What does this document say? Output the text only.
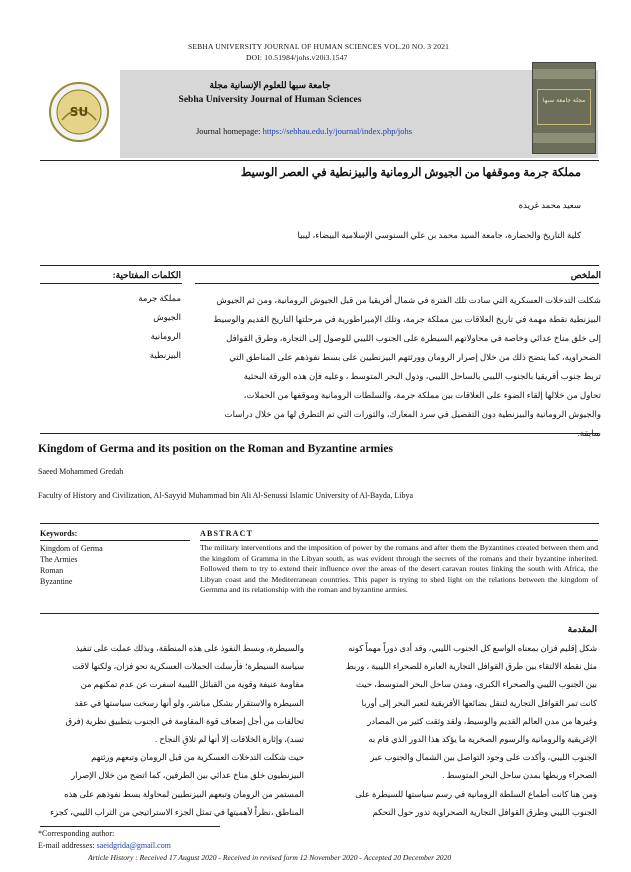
SEBHA UNIVERSITY JOURNAL OF HUMAN SCIENCES VOL.20 NO. 3 2021
DOI: 10.51984/johs.v20i3.1547
جامعة سبها للعلوم الإنسانية مجلة
Sebha University Journal of Human Sciences
Journal homepage: https://sebhau.edu.ly/journal/index.php/johs
SU
مجلة جامعة سبها
مملكة جرمة وموقفها من الجيوش الرومانية والبيزنطية في العصر الوسيط
سعيد محمد غريدة
كلية التاريخ والحضارة، جامعة السيد محمد بن علي السنوسي الإسلامية البيضاء، ليبيا
الملخص
الكلمات المفتاحية:
مملكة جرمة
الجيوش
الرومانية
البيزنطية
شكلت التدخلات العسكرية التي سادت تلك الفترة في شمال أفريقيا من قبل الجيوش الرومانية، ومن ثم الجيوش
البيزنطية نقطة مهمة في تاريخ العلاقات بين مملكة جرمة، وتلك الإمبراطورية في مرحلتها التاريخ القديم والوسيط
إلى خلق مناخ عدائي وخاصة في محاولاتهم السيطرة على الجنوب الليبي للوصول إلى التجارة، وطرق القوافل
الصحراوية، كما يتضح ذلك من خلال إصرار الرومان وورثتهم البيزنطيين على بسط نفوذهم على المناطق التي
تربط جنوب أفريقيا بالجنوب الليبي بالساحل الليبي، ودول البحر المتوسط ، وعليه فإن هذه الورقة البحثية
تحاول من خلالها إلقاء الضوء على العلاقات بين مملكة جرمة، والسلطات الرومانية وموقفها من الحملات،
والجيوش الرومانية والبيزنطية دون التفصيل في سرد المعارك، والثورات التي تم التطرق لها من خلال دراسات
سابقة.
Kingdom of Germa and its position on the Roman and Byzantine armies
Saeed Mohammed Gredah
Faculty of History and Civilization, Al-Sayyid Muhammad bin Ali Al-Senussi Islamic University of Al-Bayda, Libya
Keywords:
Kingdom of Germa
The Armies
Roman
Byzantine
ABSTRACT
The military interventions and the imposition of power by the romans and after them the Byzantines created between them and the kingdom of Gramma in the Libyan south, as was evident through the secrets of the romans and their byzantine inherited. Followed them to try to extend their influence over the areas of the desert caravan routes linking the south with Africa, the Libyan coast and the Mediterranean countries. This paper is trying to shed light on the relations between the kingdom of Germma and its relationship with the roman and byzantine armies.
المقدمة
شكل إقليم فزان بمعناه الواسع كل الجنوب الليبي، وقد أدى دوراً مهماً كونه
مثل نقطة الالتقاء بين طرق القوافل التجارية العابرة للصحراء الليبية ، وربط
بين الجنوب الليبي والصحراء الكبرى، ومدن ساحل البحر المتوسط، حيث
كانت تمر القوافل التجارية لتنقل بضائعها الأفريقية لتعبر البحر إلى أوربا
وغيرها من مدن العالم القديم والوسيط، ولقد وثقت كثير من المصادر
الإغريقية والرومانية والرسوم الصخرية ما يؤكد هذا الدور الذي قام به
الجنوب الليبي، وأكدت على وجود التواصل بين الشمال والجنوب عبر
الصحراء وربطها بمدن ساحل البحر المتوسط .
ومن هنا كانت أطماع السلطة الرومانية في رسم سياستها للسيطرة على
الجنوب الليبي وطرق القوافل التجارية الصحراوية تدور حول التحكم
والسيطرة، وبسط النفوذ على هذه المنطقة، وبذلك عملت على تنفيذ
سياسة السيطرة؛ فأرسلت الحملات العسكرية نحو فزان، ولكنها لاقت
مقاومة عنيفة وقوية من القبائل الليبية اسفرت عن عدم تمكنهم من
السيطرة والاستقرار بشكل مباشر، ولو أنها رسخت سياستها في عقد
تحالفات من أجل إضعاف قوة المقاومة في الجنوب بتطبيق نظرية (فرق
تسد)، وإثارة الخلافات إلا أنها لم تلاقِ النجاح .
حيث شكلت التدخلات العسكرية من قبل الرومان وتبعهم ورثتهم
البيزنطيون خلق مناخ عدائي بين الطرفين، كما اتضح من خلال الإصرار
المستمر من الرومان وتبعهم البيزنطيين لمحاولة بسط نفوذهم على هذه
المناطق ،نظراً لأهميتها في تمثل الجزء الاستراتيجي من التراب الليبي، كجزء
*Corresponding author:
E-mail addresses: saeidgrida@gmail.com
Article History : Received 17 August 2020 - Received in revised form 12 November 2020 - Accepted 20 December 2020
